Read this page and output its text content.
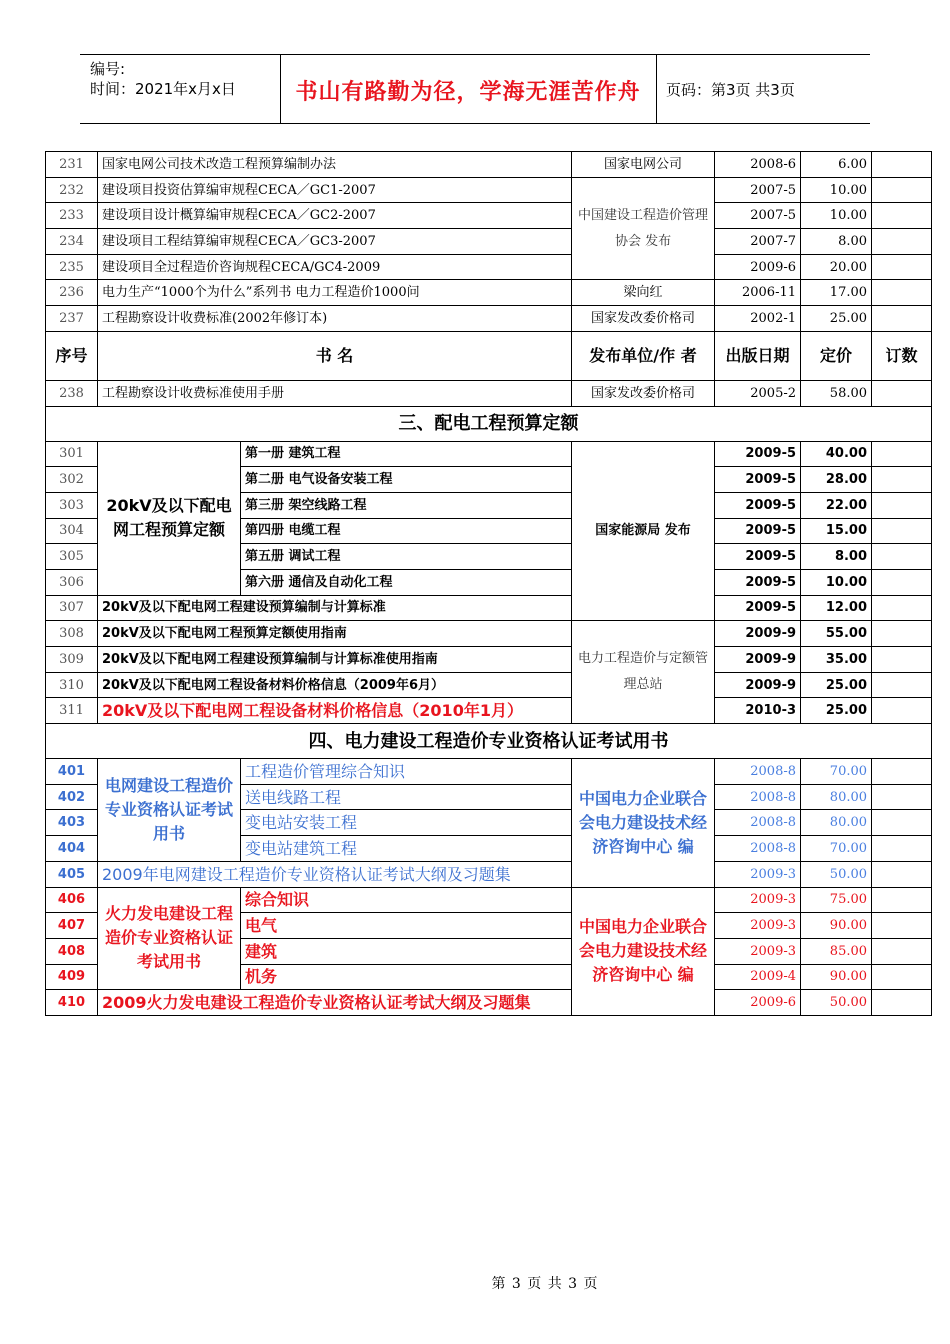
编号:
时间：2021年x月x日	书山有路勤为径，学海无涯苦作舟	页码：第3页 共3页
231	国家电网公司技术改造工程预算编制办法		国家电网公司	2008-6	6.00	
232	建设项目投资估算编审规程CECA／GC1-2007		中国建设工程造价管理协会 发布	2007-5	10.00	
233	建设项目设计概算编审规程CECA／GC2-2007			2007-5	10.00	
234	建设项目工程结算编审规程CECA／GC3-2007			2007-7	8.00	
235	建设项目全过程造价咨询规程CECA/GC4-2009			2009-6	20.00	
236	电力生产“1000个为什么”系列书 电力工程造价1000问		梁向红	2006-11	17.00	
237	工程勘察设计收费标准(2002年修订本)		国家发改委价格司	2002-1	25.00	
序号	书 名		发布单位/作 者	出版日期	定价	订数
238	工程勘察设计收费标准使用手册		国家发改委价格司	2005-2	58.00	
三、配电工程预算定额						
301	20kV及以下配电网工程预算定额	第一册 建筑工程	国家能源局 发布	2009-5	40.00	
302		第二册 电气设备安装工程		2009-5	28.00	
303		第三册 架空线路工程		2009-5	22.00	
304		第四册 电缆工程		2009-5	15.00	
305		第五册 调试工程		2009-5	8.00	
306		第六册 通信及自动化工程		2009-5	10.00	
307	20kV及以下配电网工程建设预算编制与计算标准			2009-5	12.00	
308	20kV及以下配电网工程预算定额使用指南		电力工程造价与定额管理总站	2009-9	55.00	
309	20kV及以下配电网工程建设预算编制与计算标准使用指南			2009-9	35.00	
310	20kV及以下配电网工程设备材料价格信息（2009年6月）			2009-9	25.00	
311	20kV及以下配电网工程设备材料价格信息（2010年1月）			2010-3	25.00	
四、电力建设工程造价专业资格认证考试用书						
401	电网建设工程造价专业资格认证考试用书	工程造价管理综合知识	中国电力企业联合会电力建设技术经济咨询中心 编	2008-8	70.00	
402		送电线路工程		2008-8	80.00	
403		变电站安装工程		2008-8	80.00	
404		变电站建筑工程		2008-8	70.00	
405	2009年电网建设工程造价专业资格认证考试大纲及习题集			2009-3	50.00	
406	火力发电建设工程造价专业资格认证考试用书	综合知识	中国电力企业联合会电力建设技术经济咨询中心 编	2009-3	75.00	
407		电气		2009-3	90.00	
408		建筑		2009-3	85.00	
409		机务		2009-4	90.00	
410	2009火力发电建设工程造价专业资格认证考试大纲及习题集			2009-6	50.00	
第 3 页 共 3 页
